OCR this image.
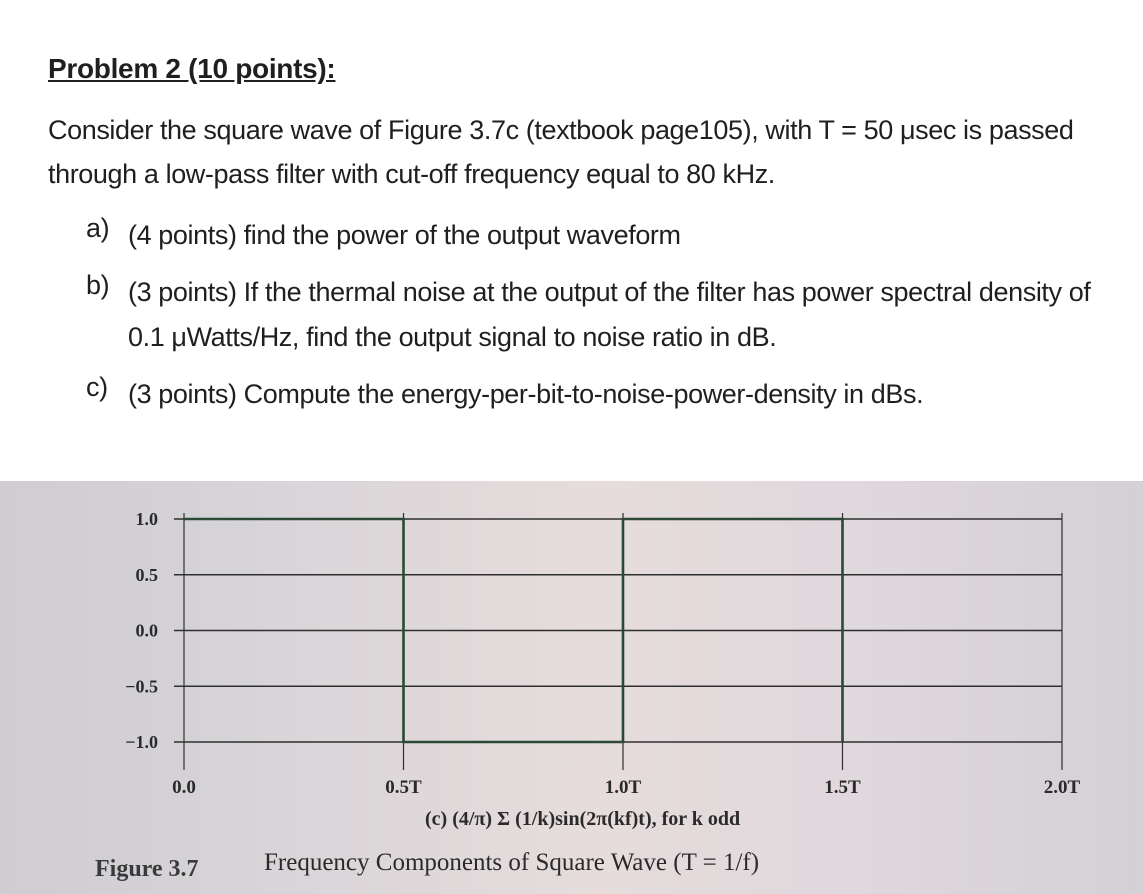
Problem 2 (10 points):
Consider the square wave of Figure 3.7c (textbook page105), with T = 50 μsec is passed
through a low-pass filter with cut-off frequency equal to 80 kHz.
a) (4 points) find the power of the output waveform
b) (3 points) If the thermal noise at the output of the filter has power spectral density of
0.1 μWatts/Hz, find the output signal to noise ratio in dB.
c) (3 points) Compute the energy-per-bit-to-noise-power-density in dBs.
1.0
0.5
0.0
−0.5
−1.0
0.0	0.5T	1.0T	1.5T	2.0T
(c) (4/π) Σ (1/k)sin(2π(kf)t), for k odd
Figure 3.7	Frequency Components of Square Wave (T = 1/f)
